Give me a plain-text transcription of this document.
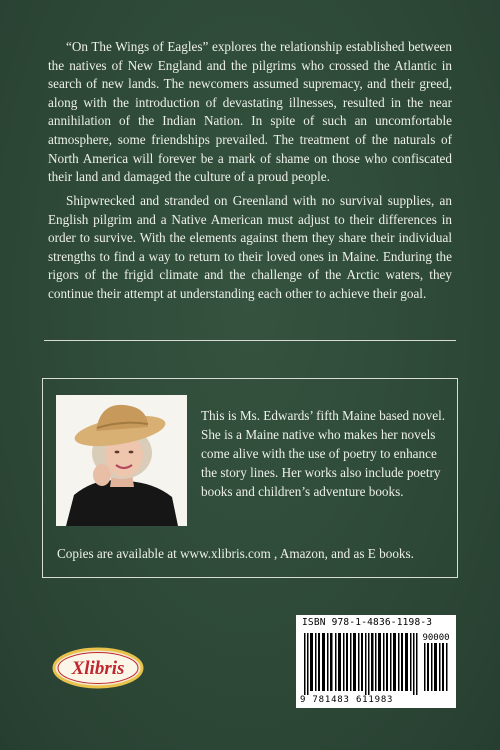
“On The Wings of Eagles” explores the relationship established between the natives of New England and the pilgrims who crossed the Atlantic in search of new lands. The newcomers assumed supremacy, and their greed, along with the introduction of devastating illnesses, resulted in the near annihilation of the Indian Nation. In spite of such an uncomfortable atmosphere, some friendships prevailed. The treatment of the naturals of North America will forever be a mark of shame on those who confiscated their land and damaged the culture of a proud people.

Shipwrecked and stranded on Greenland with no survival supplies, an English pilgrim and a Native American must adjust to their differences in order to survive. With the elements against them they share their individual strengths to find a way to return to their loved ones in Maine. Enduring the rigors of the frigid climate and the challenge of the Arctic waters, they continue their attempt at understanding each other to achieve their goal.

This is Ms. Edwards’ fifth Maine based novel. She is a Maine native who makes her novels come alive with the use of poetry to enhance the story lines. Her works also include poetry books and children’s adventure books.

Copies are available at www.xlibris.com , Amazon, and as E books.

Xlibris
ISBN 978-1-4836-1198-3
90000
9 781483 611983
